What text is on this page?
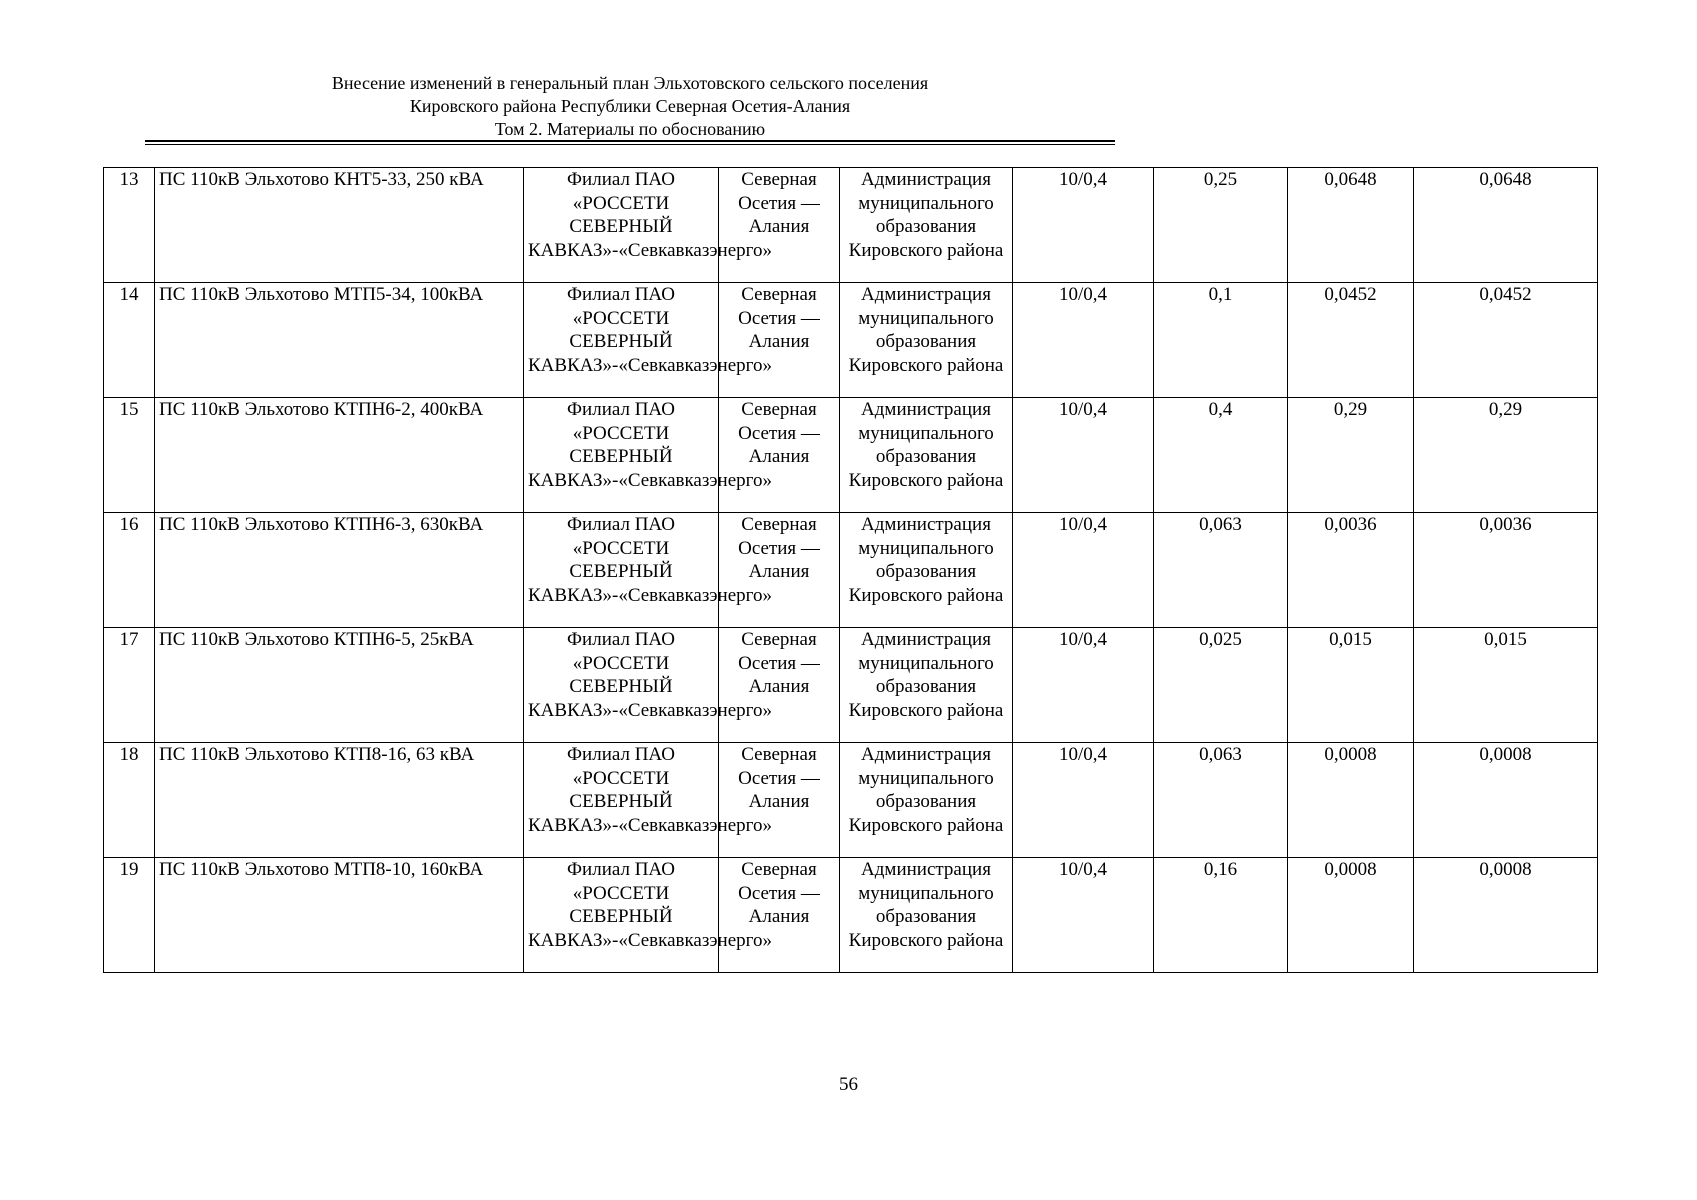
Внесение изменений в генеральный план Эльхотовского сельского поселения
Кировского района Республики Северная Осетия-Алания
Том 2. Материалы по обоснованию
13	ПС 110кВ Эльхотово КНТ5-33, 250 кВА	Филиал ПАО «РОССЕТИ СЕВЕРНЫЙ КАВКАЗ»-«Севкавказэнерго»	Северная Осетия — Алания	Администрация муниципального образования Кировского района	10/0,4	0,25	0,0648	0,0648
14	ПС 110кВ Эльхотово МТП5-34, 100кВА	Филиал ПАО «РОССЕТИ СЕВЕРНЫЙ КАВКАЗ»-«Севкавказэнерго»	Северная Осетия — Алания	Администрация муниципального образования Кировского района	10/0,4	0,1	0,0452	0,0452
15	ПС 110кВ Эльхотово КТПН6-2, 400кВА	Филиал ПАО «РОССЕТИ СЕВЕРНЫЙ КАВКАЗ»-«Севкавказэнерго»	Северная Осетия — Алания	Администрация муниципального образования Кировского района	10/0,4	0,4	0,29	0,29
16	ПС 110кВ Эльхотово КТПН6-3, 630кВА	Филиал ПАО «РОССЕТИ СЕВЕРНЫЙ КАВКАЗ»-«Севкавказэнерго»	Северная Осетия — Алания	Администрация муниципального образования Кировского района	10/0,4	0,063	0,0036	0,0036
17	ПС 110кВ Эльхотово КТПН6-5, 25кВА	Филиал ПАО «РОССЕТИ СЕВЕРНЫЙ КАВКАЗ»-«Севкавказэнерго»	Северная Осетия — Алания	Администрация муниципального образования Кировского района	10/0,4	0,025	0,015	0,015
18	ПС 110кВ Эльхотово КТП8-16, 63 кВА	Филиал ПАО «РОССЕТИ СЕВЕРНЫЙ КАВКАЗ»-«Севкавказэнерго»	Северная Осетия — Алания	Администрация муниципального образования Кировского района	10/0,4	0,063	0,0008	0,0008
19	ПС 110кВ Эльхотово МТП8-10, 160кВА	Филиал ПАО «РОССЕТИ СЕВЕРНЫЙ КАВКАЗ»-«Севкавказэнерго»	Северная Осетия — Алания	Администрация муниципального образования Кировского района	10/0,4	0,16	0,0008	0,0008
56
